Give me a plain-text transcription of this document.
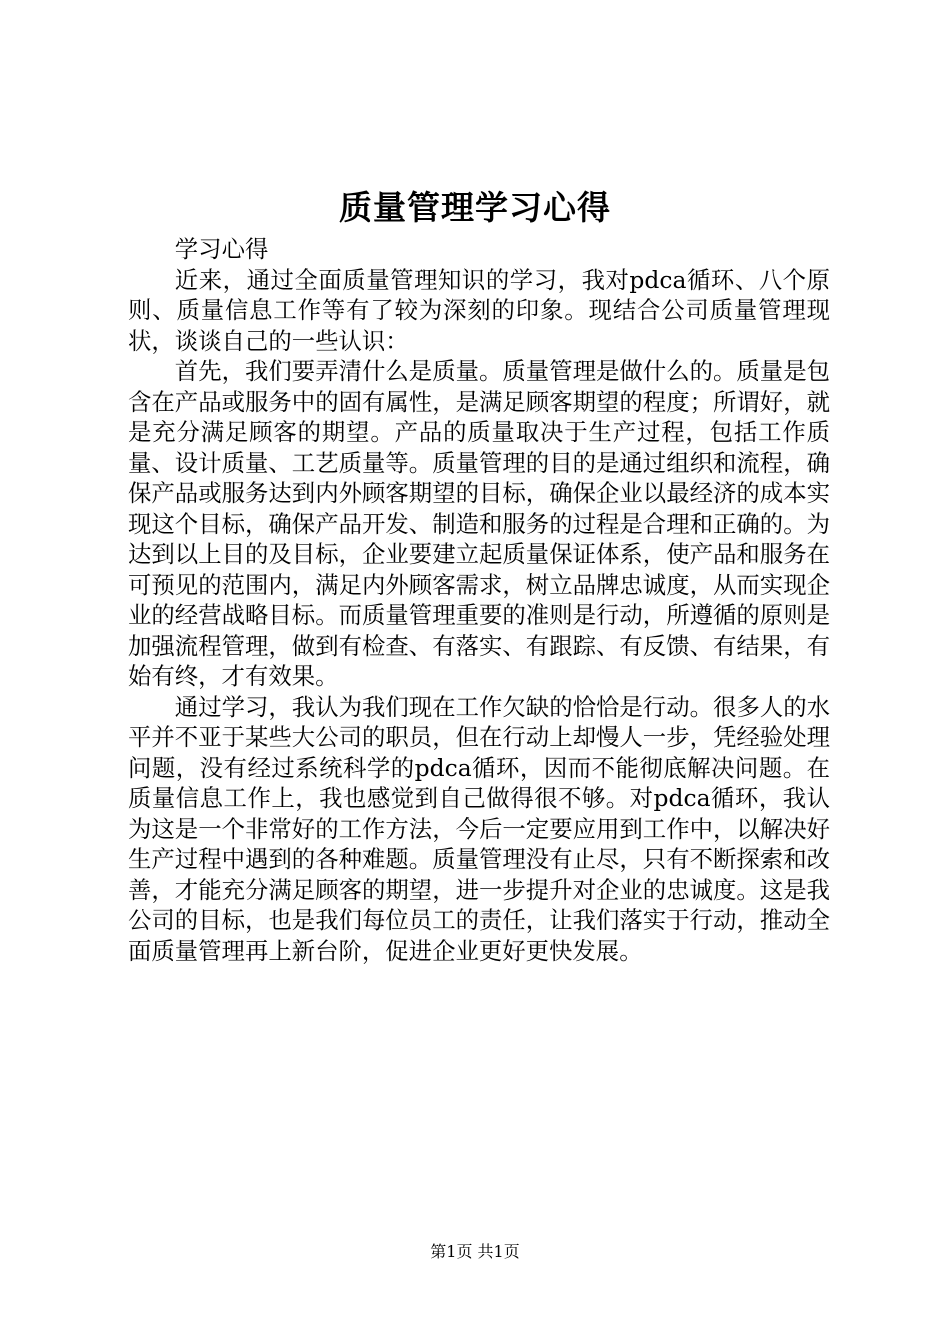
质量管理学习心得

学习心得

近来，通过全面质量管理知识的学习，我对pdca循环、八个原则、质量信息工作等有了较为深刻的印象。现结合公司质量管理现状，谈谈自己的一些认识：

首先，我们要弄清什么是质量。质量管理是做什么的。质量是包含在产品或服务中的固有属性，是满足顾客期望的程度；所谓好，就是充分满足顾客的期望。产品的质量取决于生产过程，包括工作质量、设计质量、工艺质量等。质量管理的目的是通过组织和流程，确保产品或服务达到内外顾客期望的目标，确保企业以最经济的成本实现这个目标，确保产品开发、制造和服务的过程是合理和正确的。为达到以上目的及目标，企业要建立起质量保证体系，使产品和服务在可预见的范围内，满足内外顾客需求，树立品牌忠诚度，从而实现企业的经营战略目标。而质量管理重要的准则是行动，所遵循的原则是加强流程管理，做到有检查、有落实、有跟踪、有反馈、有结果，有始有终，才有效果。

通过学习，我认为我们现在工作欠缺的恰恰是行动。很多人的水平并不亚于某些大公司的职员，但在行动上却慢人一步，凭经验处理问题，没有经过系统科学的pdca循环，因而不能彻底解决问题。在质量信息工作上，我也感觉到自己做得很不够。对pdca循环，我认为这是一个非常好的工作方法，今后一定要应用到工作中，以解决好生产过程中遇到的各种难题。质量管理没有止尽，只有不断探索和改善，才能充分满足顾客的期望，进一步提升对企业的忠诚度。这是我公司的目标，也是我们每位员工的责任，让我们落实于行动，推动全面质量管理再上新台阶，促进企业更好更快发展。

第1页 共1页
